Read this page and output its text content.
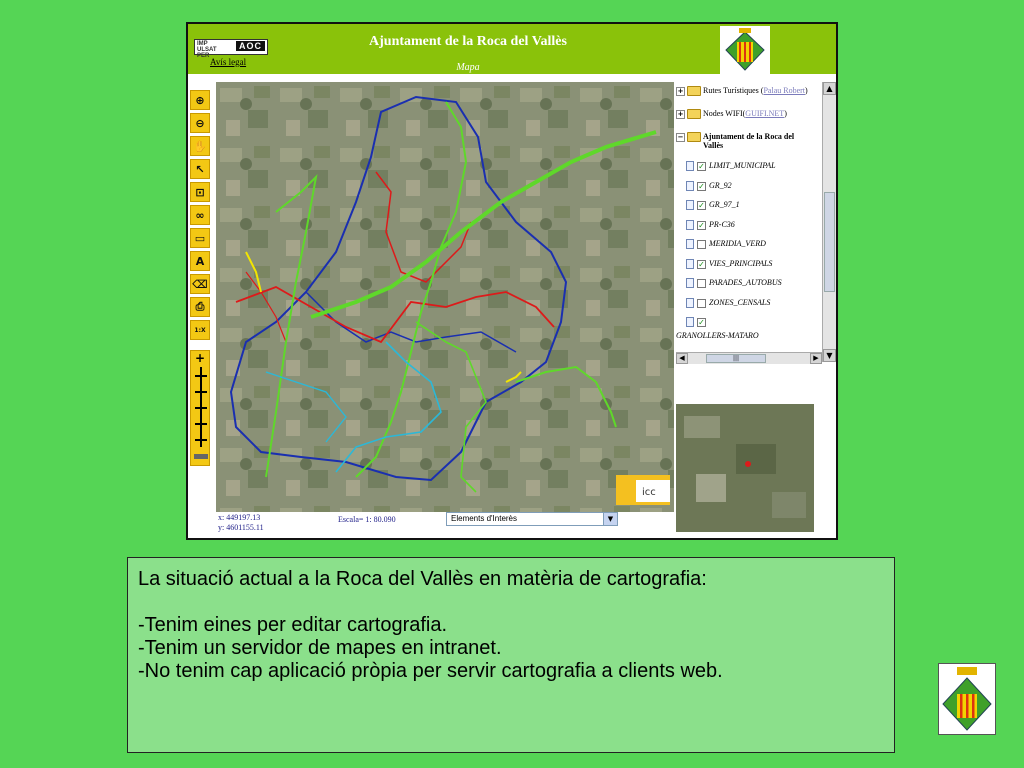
IMP ULSAT PER
AOC
Avís legal
Ajuntament de la Roca del Vallès
Mapa
⊕
⊖
✋
↖
⊡
∞
▭
A
⌫
⎙
1:X
+
icc
+ Rutes Turístiques (Palau Robert)
+ Nodes WIFI(GUIFI.NET)
− Ajuntament de la Roca del Vallès
✓ LIMIT_MUNICIPAL
✓ GR_92
✓ GR_97_1
✓ PR-C36
MERIDIA_VERD
✓ VIES_PRINCIPALS
PARADES_AUTOBUS
ZONES_CENSALS
✓
GRANOLLERS-MATARO
▲
▼
◀	|||	▶
x: 449197.13
y: 4601155.11
Escala= 1: 80.090	Elements d'Interès	▼

La situació actual a la Roca del Vallès en matèria de cartografia:

-Tenim eines per editar cartografia.

-Tenim un servidor de mapes en intranet.

-No tenim cap aplicació pròpia per servir cartografia a clients web.
